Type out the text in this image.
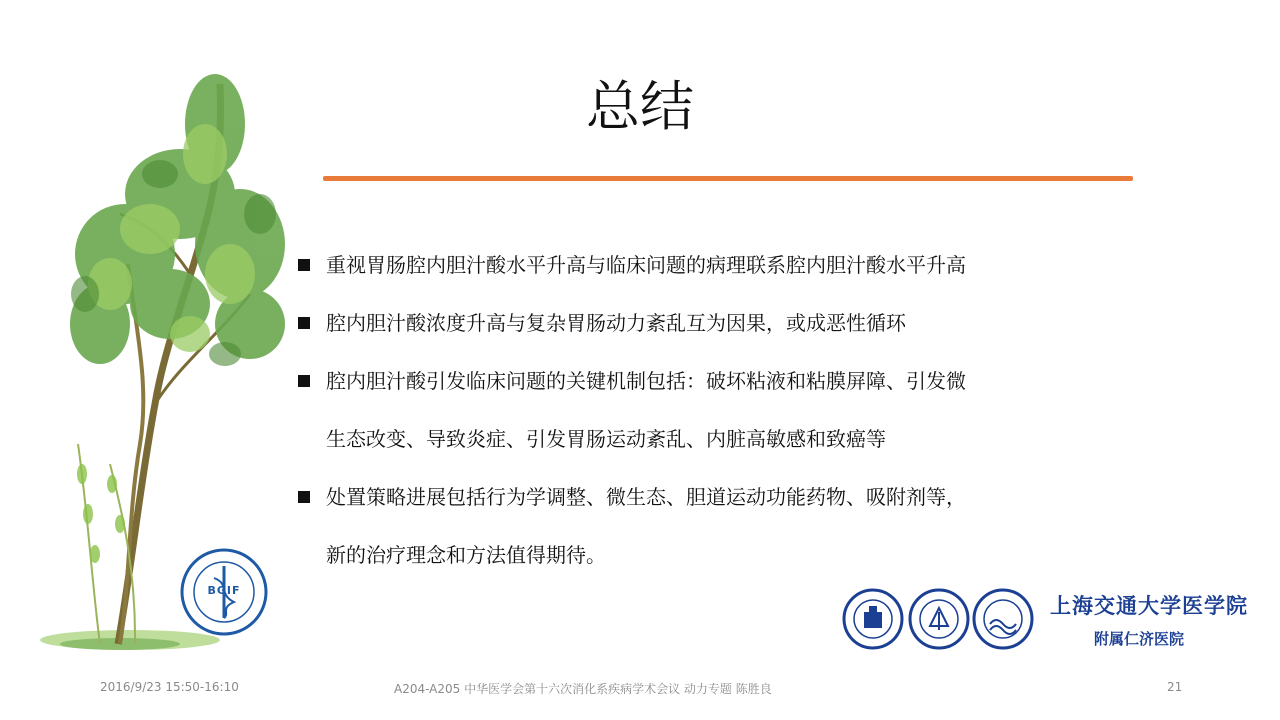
总结
重视胃肠腔内胆汁酸水平升高与临床问题的病理联系腔内胆汁酸水平升高
腔内胆汁酸浓度升高与复杂胃肠动力紊乱互为因果，或成恶性循环
腔内胆汁酸引发临床问题的关键机制包括：破坏粘液和粘膜屏障、引发微
生态改变、导致炎症、引发胃肠运动紊乱、内脏高敏感和致癌等
处置策略进展包括行为学调整、微生态、胆道运动功能药物、吸附剂等，
新的治疗理念和方法值得期待。
BGIF
上海交通大学医学院
附属仁济医院
2016/9/23 15:50-16:10	A204-A205 中华医学会第十六次消化系疾病学术会议 动力专题 陈胜良	21
